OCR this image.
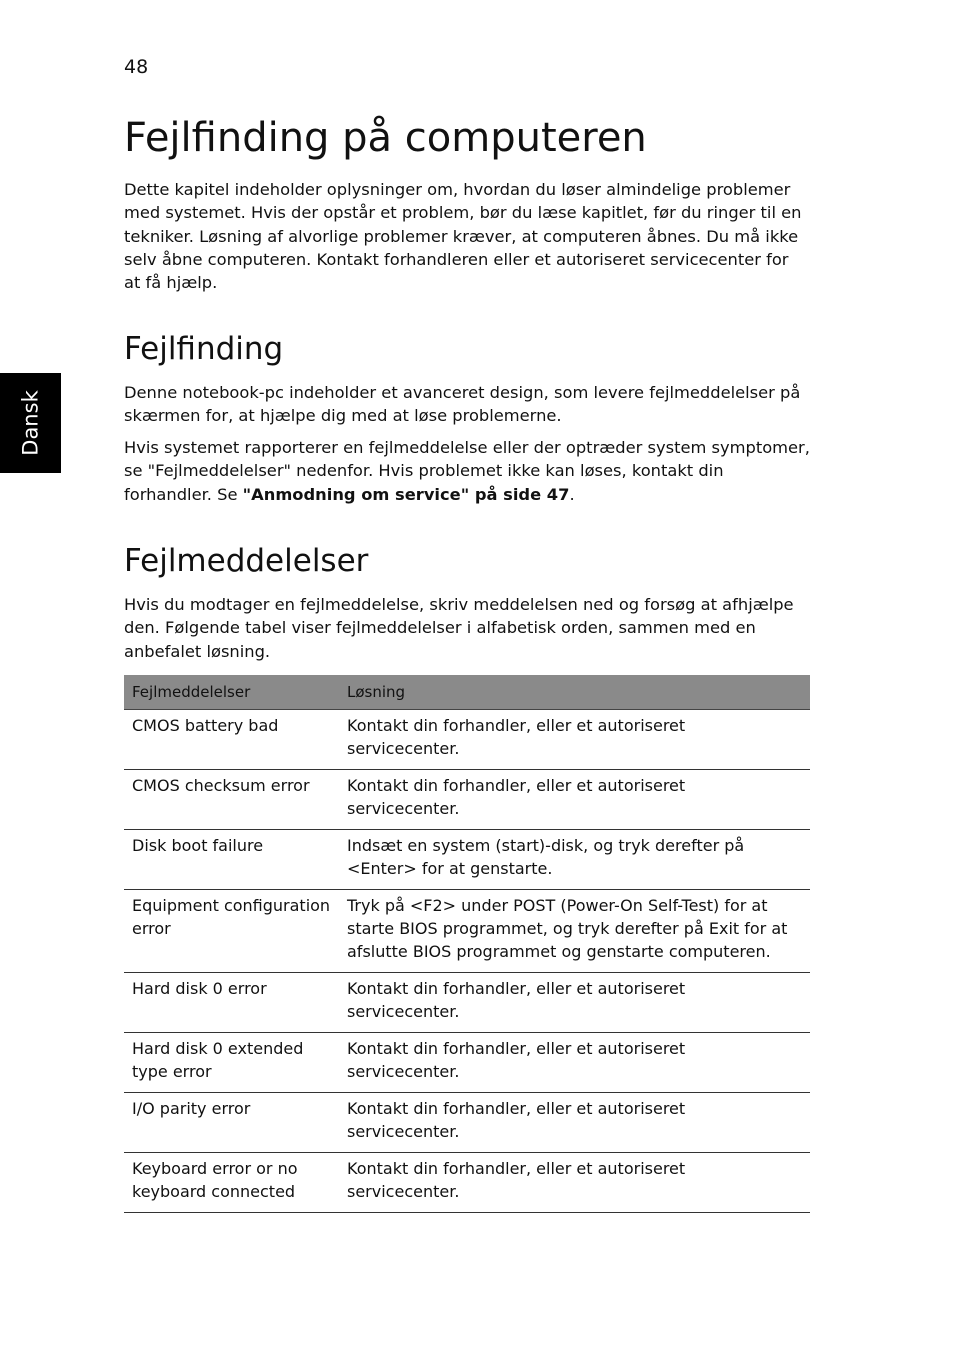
48
Dansk
Fejlfinding på computeren

Dette kapitel indeholder oplysninger om, hvordan du løser almindelige problemer med systemet. Hvis der opstår et problem, bør du læse kapitlet, før du ringer til en tekniker. Løsning af alvorlige problemer kræver, at computeren åbnes. Du må ikke selv åbne computeren. Kontakt forhandleren eller et autoriseret servicecenter for at få hjælp.

Fejlfinding

Denne notebook-pc indeholder et avanceret design, som levere fejlmeddelelser på skærmen for, at hjælpe dig med at løse problemerne.

Hvis systemet rapporterer en fejlmeddelelse eller der optræder system symptomer, se "Fejlmeddelelser" nedenfor. Hvis problemet ikke kan løses, kontakt din forhandler. Se "Anmodning om service" på side 47.

Fejlmeddelelser

Hvis du modtager en fejlmeddelelse, skriv meddelelsen ned og forsøg at afhjælpe den. Følgende tabel viser fejlmeddelelser i alfabetisk orden, sammen med en anbefalet løsning.

Fejlmeddelelser	Løsning
CMOS battery bad	Kontakt din forhandler, eller et autoriseret servicecenter.
CMOS checksum error	Kontakt din forhandler, eller et autoriseret servicecenter.
Disk boot failure	Indsæt en system (start)-disk, og tryk derefter på <Enter> for at genstarte.
Equipment configuration error	Tryk på <F2> under POST (Power-On Self-Test) for at starte BIOS programmet, og tryk derefter på Exit for at afslutte BIOS programmet og genstarte computeren.
Hard disk 0 error	Kontakt din forhandler, eller et autoriseret servicecenter.
Hard disk 0 extended type error	Kontakt din forhandler, eller et autoriseret servicecenter.
I/O parity error	Kontakt din forhandler, eller et autoriseret servicecenter.
Keyboard error or no keyboard connected	Kontakt din forhandler, eller et autoriseret servicecenter.
